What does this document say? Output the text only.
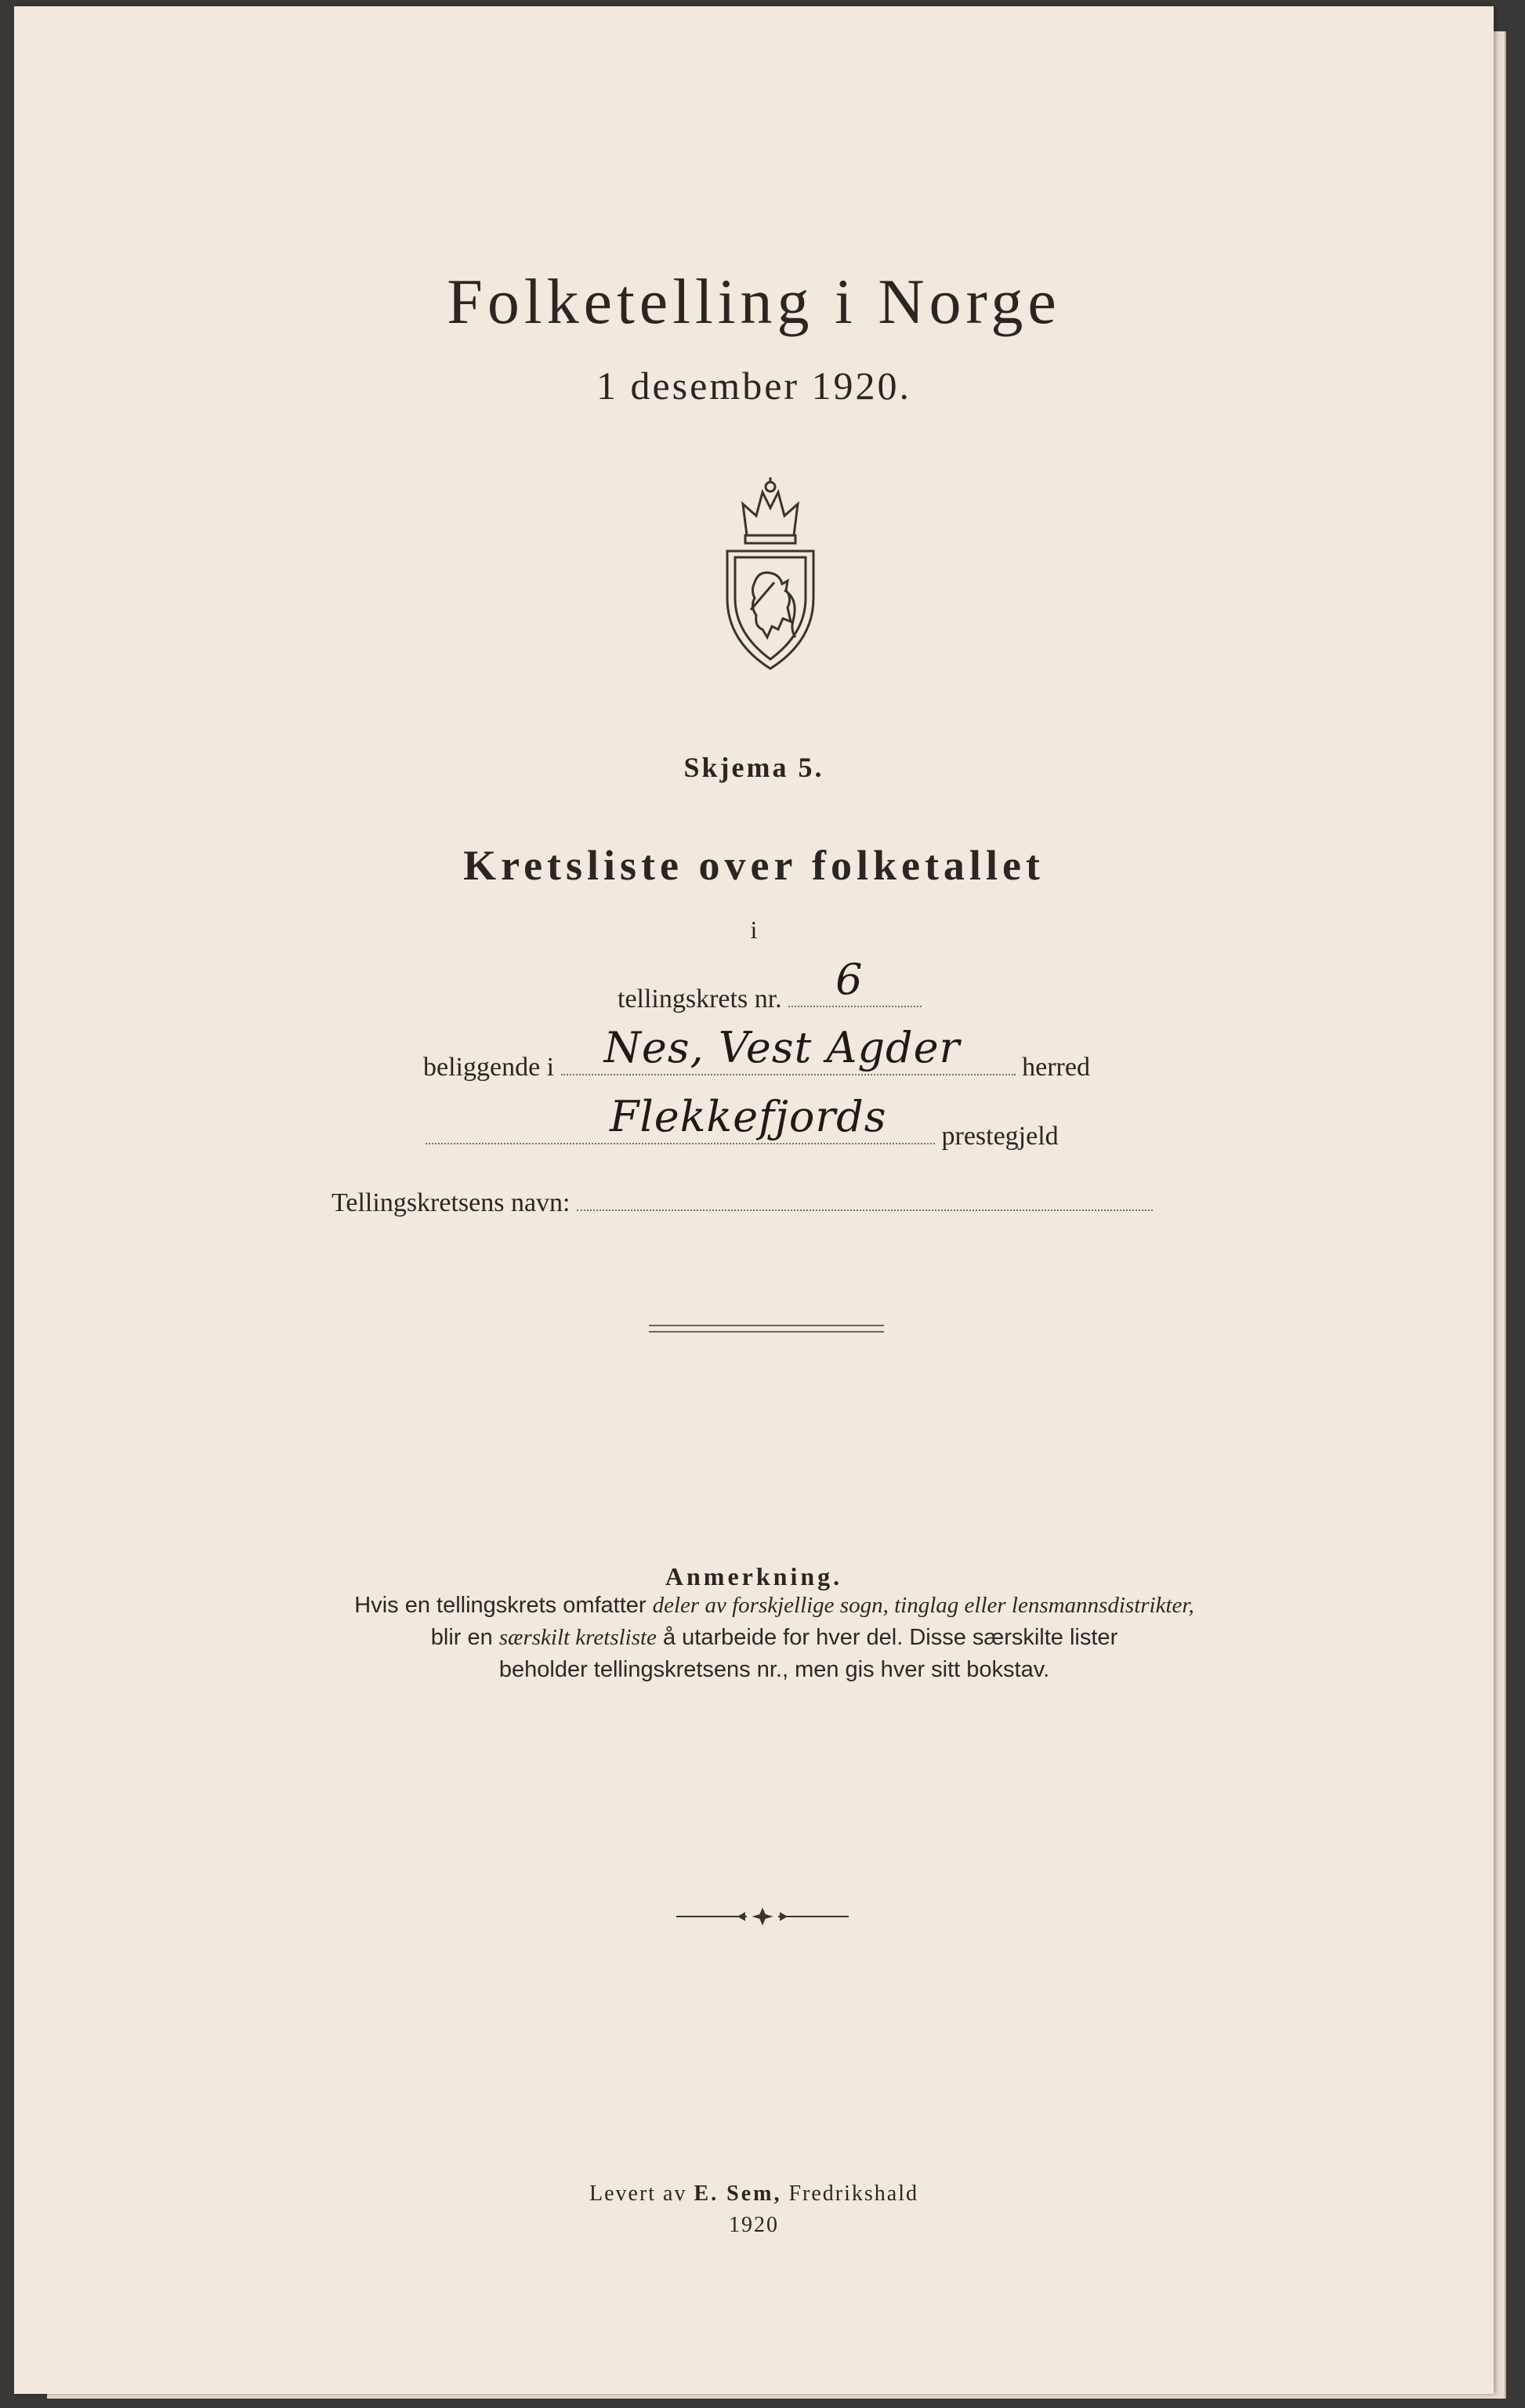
Folketelling i Norge
1 desember 1920.
Skjema 5.
Kretsliste over folketallet
i
tellingskrets nr. 6
beliggende i Nes, Vest Agder herred
Flekkefjords prestegjeld
Tellingskretsens navn:
Anmerkning.
Hvis en tellingskrets omfatter deler av forskjellige sogn, tinglag eller lensmannsdistrikter,
blir en særskilt kretsliste å utarbeide for hver del. Disse særskilte lister
beholder tellingskretsens nr., men gis hver sitt bokstav.
Levert av E. Sem, Fredrikshald
1920
